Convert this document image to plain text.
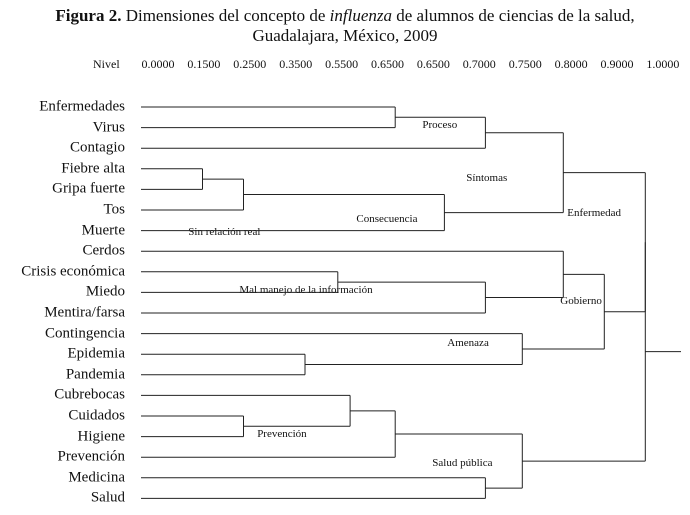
Figura 2. Dimensiones del concepto de influenza de alumnos de ciencias de la salud,
Guadalajara, México, 2009
Nivel 0.0000 0.1500 0.2500 0.3500 0.5500 0.6500 0.6500 0.7000 0.7500 0.8000 0.9000 1.0000
Enfermedades
Virus
Contagio
Fiebre alta
Gripa fuerte
Tos
Muerte
Cerdos
Crisis económica
Miedo
Mentira/farsa
Contingencia
Epidemia
Pandemia
Cubrebocas
Cuidados
Higiene
Prevención
Medicina
Salud
Consecuencia
Prevención
Proceso
Mal manejo de la información
Amenaza
Salud pública
Síntomas
Sin relación real
Gobierno
Enfermedad
